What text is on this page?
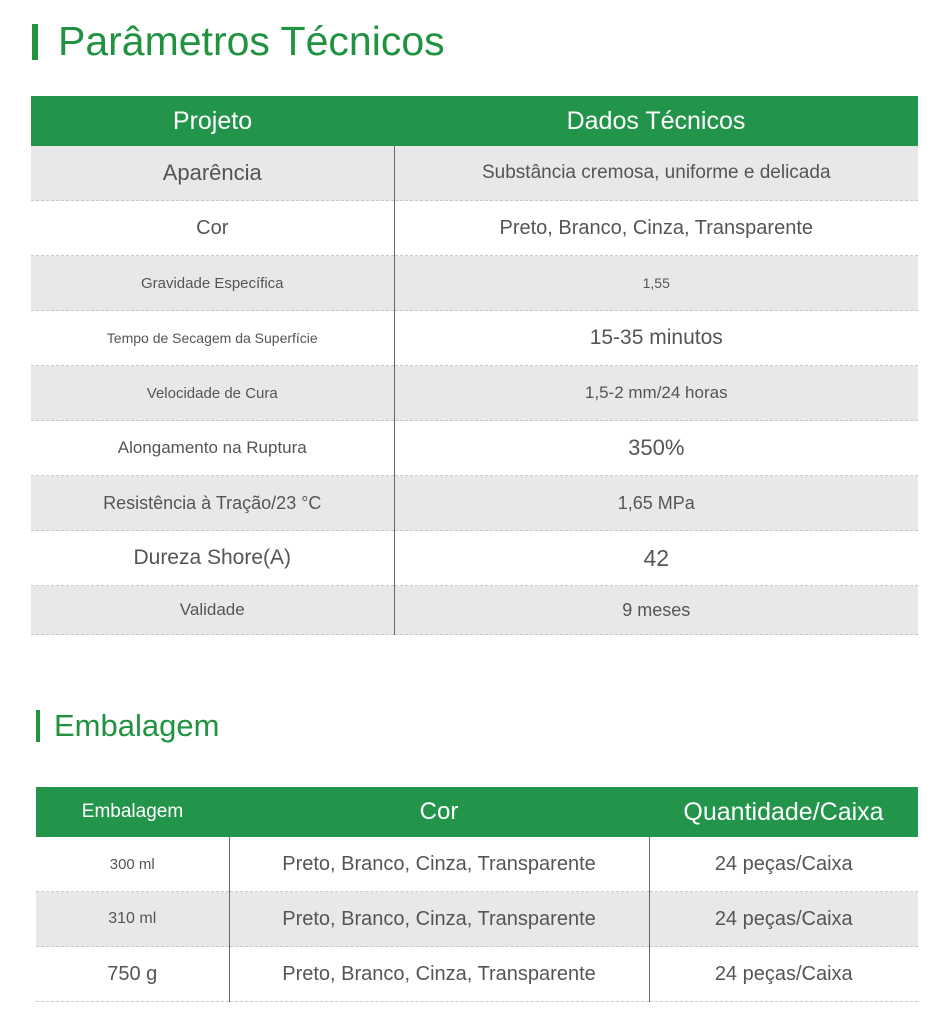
Parâmetros Técnicos
Projeto	Dados Técnicos
Aparência	Substância cremosa, uniforme e delicada
Cor	Preto, Branco, Cinza, Transparente
Gravidade Específica	1,55
Tempo de Secagem da Superfície	15-35 minutos
Velocidade de Cura	1,5-2 mm/24 horas
Alongamento na Ruptura	350%
Resistência à Tração/23 °C	1,65 MPa
Dureza Shore(A)	42
Validade	9 meses
Embalagem
Embalagem	Cor	Quantidade/Caixa
300 ml	Preto, Branco, Cinza, Transparente	24 peças/Caixa
310 ml	Preto, Branco, Cinza, Transparente	24 peças/Caixa
750 g	Preto, Branco, Cinza, Transparente	24 peças/Caixa
